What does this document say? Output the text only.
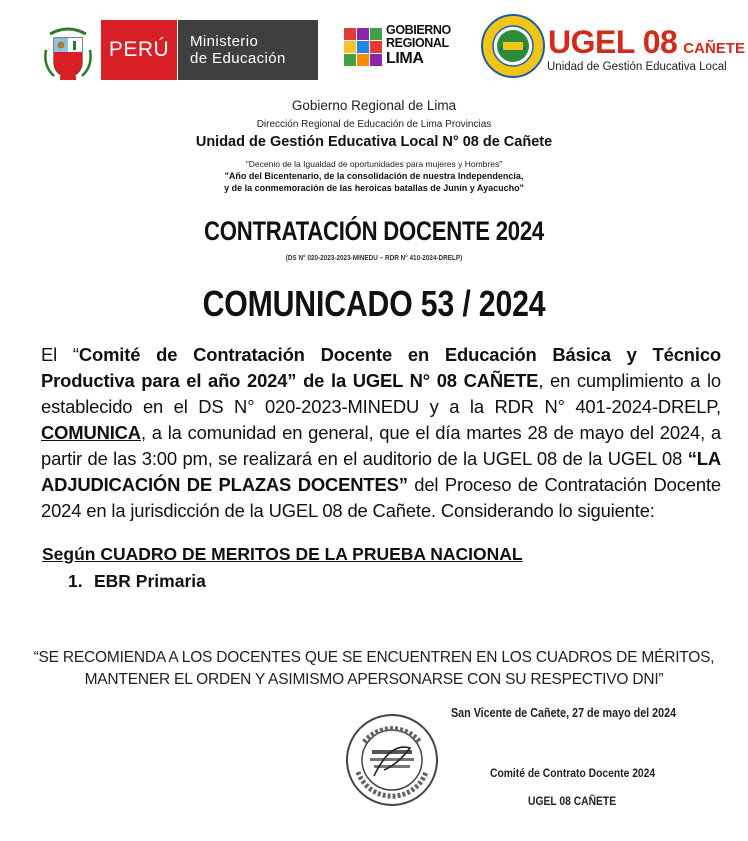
PERÚ Ministerio
de Educación
GOBIERNO
REGIONAL
LIMA	UGEL 08 CAÑETE
Unidad de Gestión Educativa Local
Gobierno Regional de Lima
Dirección Regional de Educación de Lima Provincias
Unidad de Gestión Educativa Local N° 08 de Cañete
"Decenio de la Igualdad de oportunidades para mujeres y Hombres"
"Año del Bicentenario, de la consolidación de nuestra Independencia,
y de la conmemoración de las heroicas batallas de Junín y Ayacucho"
CONTRATACIÓN DOCENTE 2024
(DS N° 020-2023-2023-MINEDU – RDR N° 410-2024-DRELP)
COMUNICADO 53 / 2024
El “Comité de Contratación Docente en Educación Básica y Técnico Productiva para el año 2024” de la UGEL N° 08 CAÑETE, en cumplimiento a lo establecido en el DS N° 020-2023-MINEDU y a la RDR N° 401-2024-DRELP, COMUNICA, a la comunidad en general, que el día martes 28 de mayo del 2024, a partir de las 3:00 pm, se realizará en el auditorio de la UGEL 08 de la UGEL 08 “LA ADJUDICACIÓN DE PLAZAS DOCENTES” del Proceso de Contratación Docente 2024 en la jurisdicción de la UGEL 08 de Cañete. Considerando lo siguiente:
Según CUADRO DE MERITOS DE LA PRUEBA NACIONAL
1. EBR Primaria
“SE RECOMIENDA A LOS DOCENTES QUE SE ENCUENTREN EN LOS CUADROS DE MÉRITOS,
MANTENER EL ORDEN Y ASIMISMO APERSONARSE CON SU RESPECTIVO DNI”
San Vicente de Cañete, 27 de mayo del 2024
Comité de Contrato Docente 2024
UGEL 08 CAÑETE
